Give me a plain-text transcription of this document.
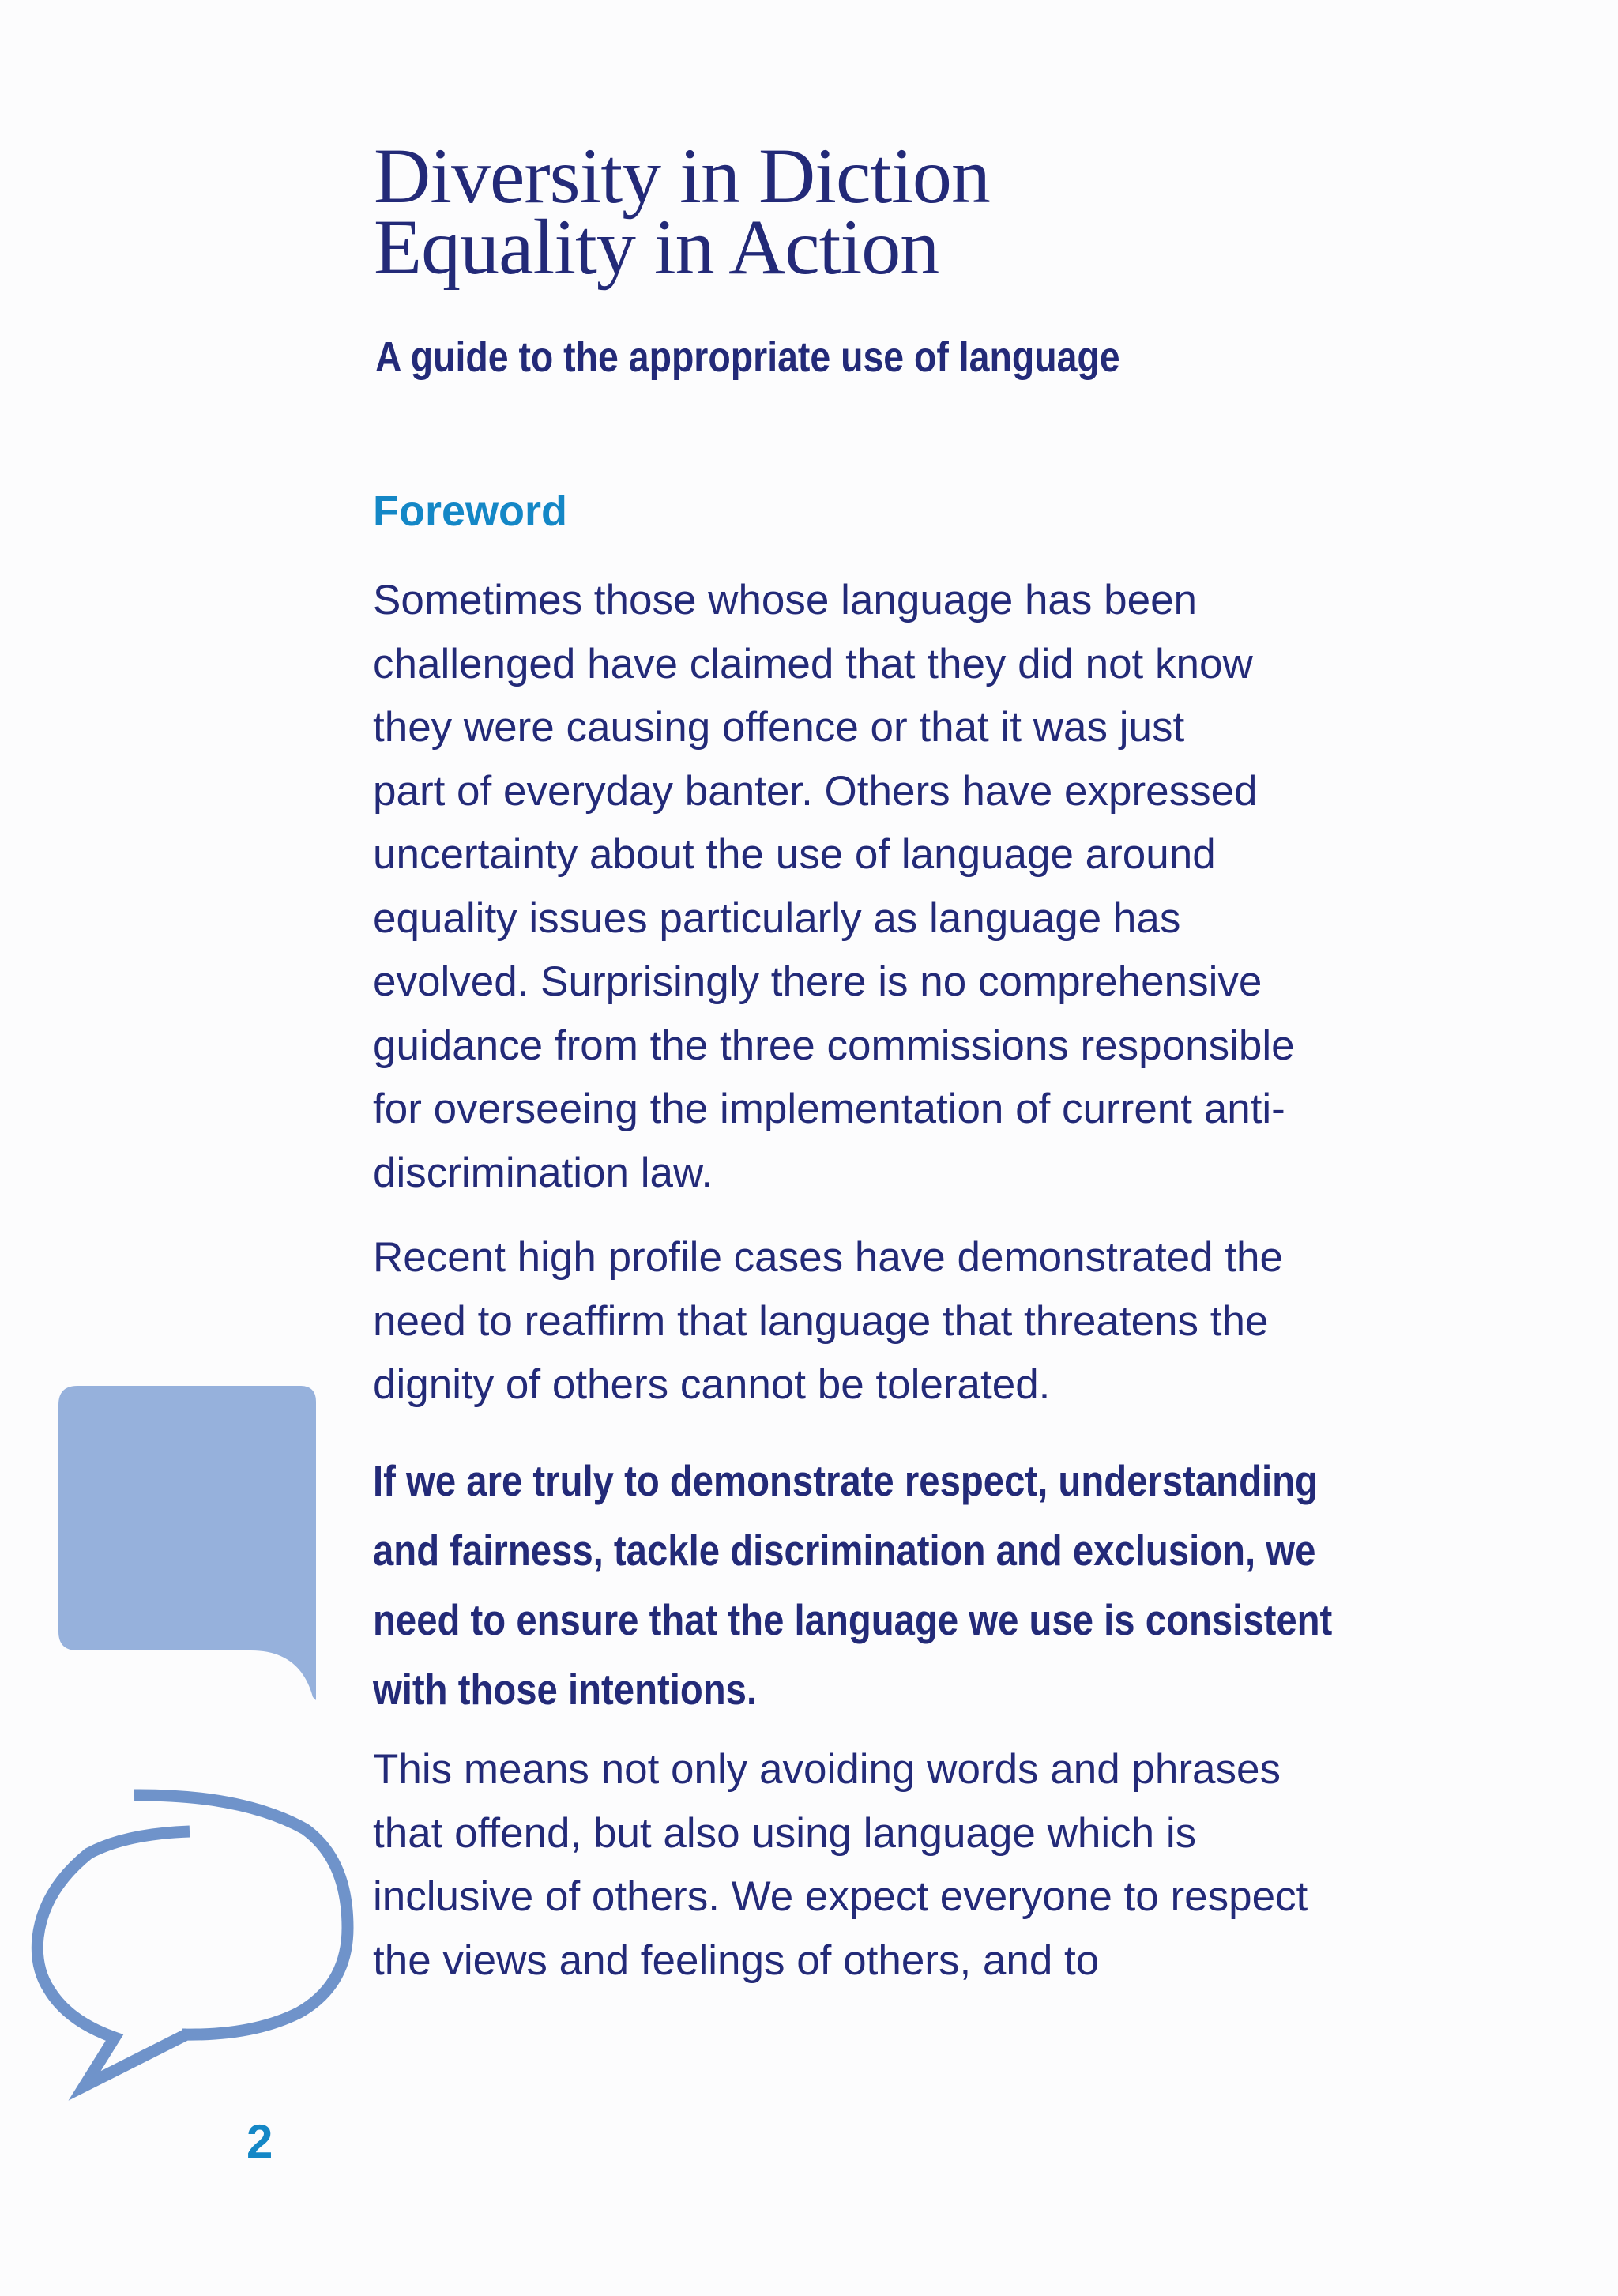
Diversity in Diction
Equality in Action

A guide to the appropriate use of language

Foreword

Sometimes those whose language has been
challenged have claimed that they did not know
they were causing offence or that it was just
part of everyday banter. Others have expressed
uncertainty about the use of language around
equality issues particularly as language has
evolved. Surprisingly there is no comprehensive
guidance from the three commissions responsible
for overseeing the implementation of current anti-
discrimination law.

Recent high profile cases have demonstrated the
need to reaffirm that language that threatens the
dignity of others cannot be tolerated.

If we are truly to demonstrate respect, understanding
and fairness, tackle discrimination and exclusion, we
need to ensure that the language we use is consistent
with those intentions.

This means not only avoiding words and phrases
that offend, but also using language which is
inclusive of others. We expect everyone to respect
the views and feelings of others, and to

2
